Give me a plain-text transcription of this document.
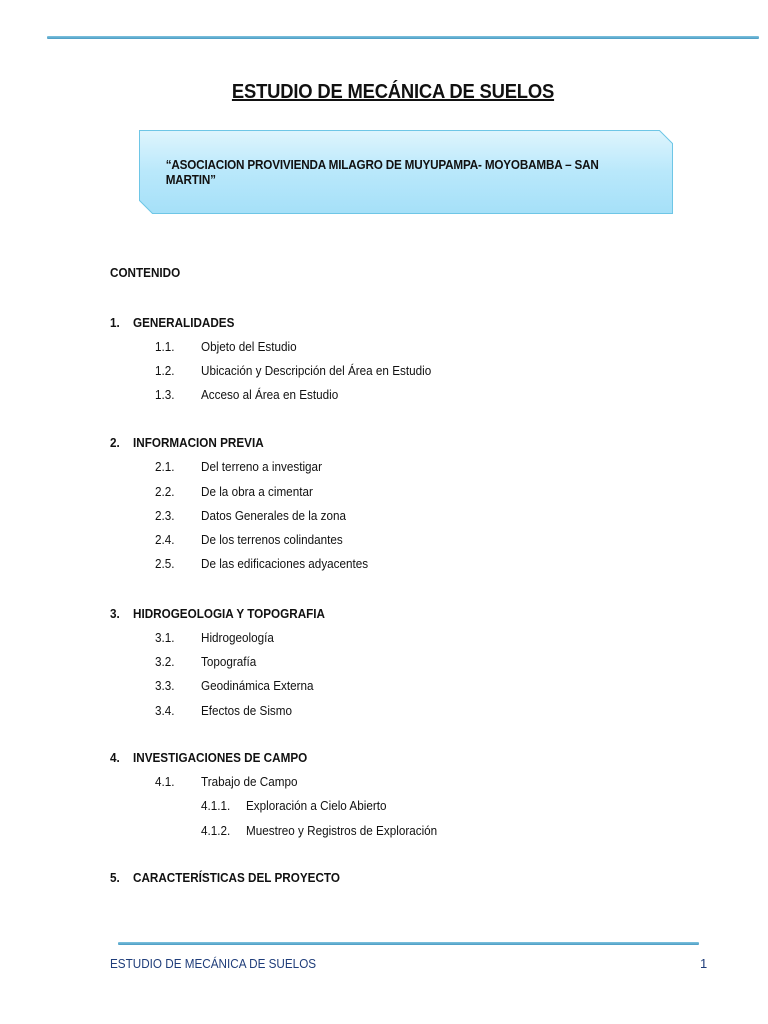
ESTUDIO DE MECÁNICA DE SUELOS
“ASOCIACION PROVIVIENDA MILAGRO DE MUYUPAMPA- MOYOBAMBA – SAN MARTIN”
CONTENIDO
1. GENERALIDADES
1.1. Objeto del Estudio
1.2. Ubicación y Descripción del Área en Estudio
1.3. Acceso al Área en Estudio
2. INFORMACION PREVIA
2.1. Del terreno a investigar
2.2. De la obra a cimentar
2.3. Datos Generales de la zona
2.4. De los terrenos colindantes
2.5. De las edificaciones adyacentes
3. HIDROGEOLOGIA Y TOPOGRAFIA
3.1. Hidrogeología
3.2. Topografía
3.3. Geodinámica Externa
3.4. Efectos de Sismo
4. INVESTIGACIONES DE CAMPO
4.1. Trabajo de Campo
4.1.1. Exploración a Cielo Abierto
4.1.2. Muestreo y Registros de Exploración
5. CARACTERÍSTICAS DEL PROYECTO
ESTUDIO DE MECÁNICA DE SUELOS	1
